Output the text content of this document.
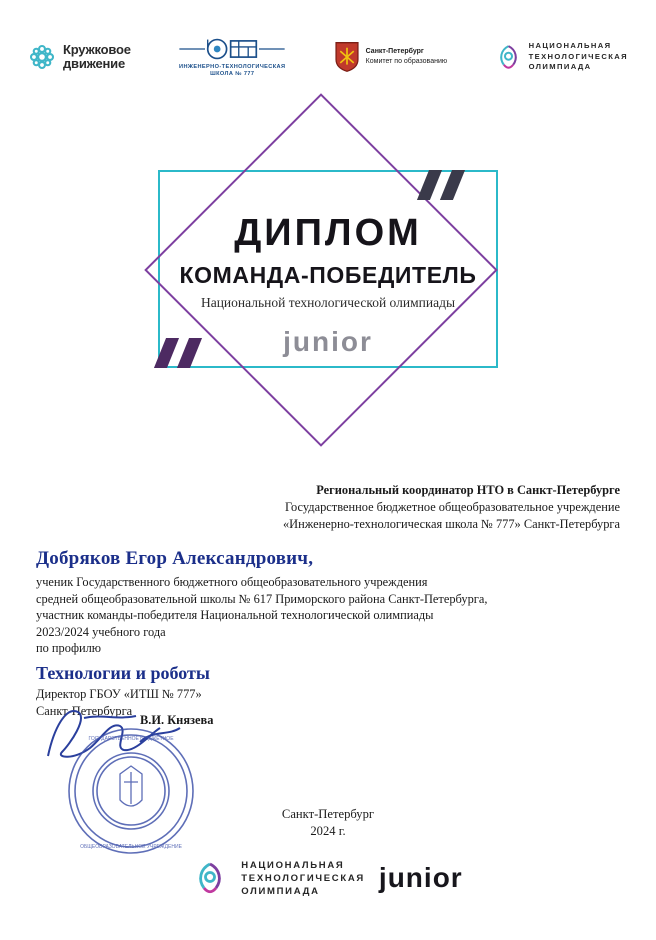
Кружковое
движение	ИНЖЕНЕРНО-ТЕХНОЛОГИЧЕСКАЯ
ШКОЛА № 777
Санкт-Петербург
Комитет по образованию
НАЦИОНАЛЬНАЯ
ТЕХНОЛОГИЧЕСКАЯ
ОЛИМПИАДА
ДИПЛОМ
КОМАНДА-ПОБЕДИТЕЛЬ
Национальной технологической олимпиады
junior
Региональный координатор НТО в Санкт-Петербурге
Государственное бюджетное общеобразовательное учреждение
«Инженерно-технологическая школа № 777» Санкт-Петербурга
Добряков Егор Александрович,
ученик Государственного бюджетного общеобразовательного учреждения
средней общеобразовательной школы № 617 Приморского района Санкт-Петербурга,
участник команды-победителя Национальной технологической олимпиады
2023/2024 учебного года
по профилю
Технологии и роботы
Директор ГБОУ «ИТШ № 777»
Санкт-Петербурга
В.И. Князева
ГОСУДАРСТВЕННОЕ БЮДЖЕТНОЕ
ОБЩЕОБРАЗОВАТЕЛЬНОЕ УЧРЕЖДЕНИЕ
Санкт-Петербург
2024 г.
НАЦИОНАЛЬНАЯ
ТЕХНОЛОГИЧЕСКАЯ
ОЛИМПИАДА	junior
